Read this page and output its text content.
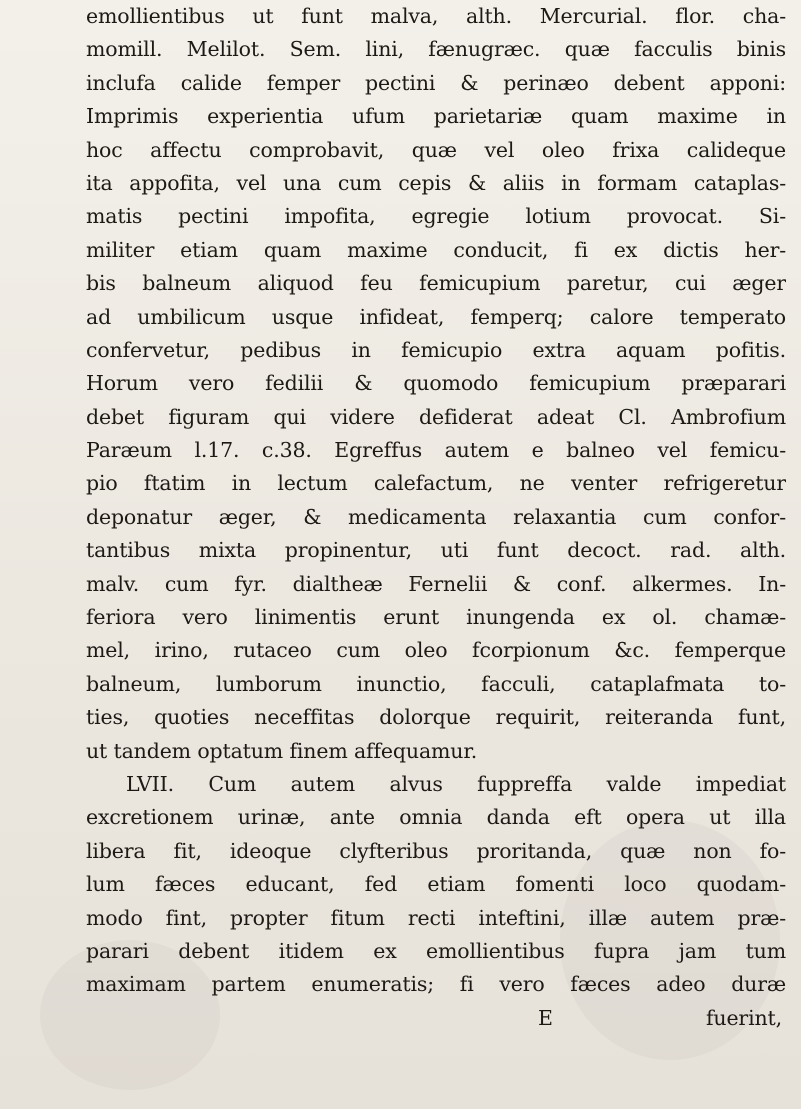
emollientibus ut funt malva, alth. Mercurial. flor. cha-
momill. Melilot. Sem. lini, fænugræc. quæ facculis binis
inclufa calide femper pectini & perinæo debent apponi:
Imprimis experientia ufum parietariæ quam maxime in
hoc affectu comprobavit, quæ vel oleo frixa calideque
ita appofita, vel una cum cepis & aliis in formam cataplas-
matis pectini impofita, egregie lotium provocat. Si-
militer etiam quam maxime conducit, fi ex dictis her-
bis balneum aliquod feu femicupium paretur, cui æger
ad umbilicum usque infideat, femperq; calore temperato
confervetur, pedibus in femicupio extra aquam pofitis.
Horum vero fedilii & quomodo femicupium præparari
debet figuram qui videre defiderat adeat Cl. Ambrofium
Paræum l.17. c.38. Egreffus autem e balneo vel femicu-
pio ftatim in lectum calefactum, ne venter refrigeretur
deponatur æger, & medicamenta relaxantia cum confor-
tantibus mixta propinentur, uti funt decoct. rad. alth.
malv. cum fyr. dialtheæ Fernelii & conf. alkermes. In-
feriora vero linimentis erunt inungenda ex ol. chamæ-
mel, irino, rutaceo cum oleo fcorpionum &c. femperque
balneum, lumborum inunctio, facculi, cataplafmata to-
ties, quoties neceffitas dolorque requirit, reiteranda funt,
ut tandem optatum finem affequamur.
LVII. Cum autem alvus fuppreffa valde impediat
excretionem urinæ, ante omnia danda eft opera ut illa
libera fit, ideoque clyfteribus proritanda, quæ non fo-
lum fæces educant, fed etiam fomenti loco quodam-
modo fint, propter fitum recti inteftini, illæ autem præ-
parari debent itidem ex emollientibus fupra jam tum
maximam partem enumeratis; fi vero fæces adeo duræ
E	fuerint,
